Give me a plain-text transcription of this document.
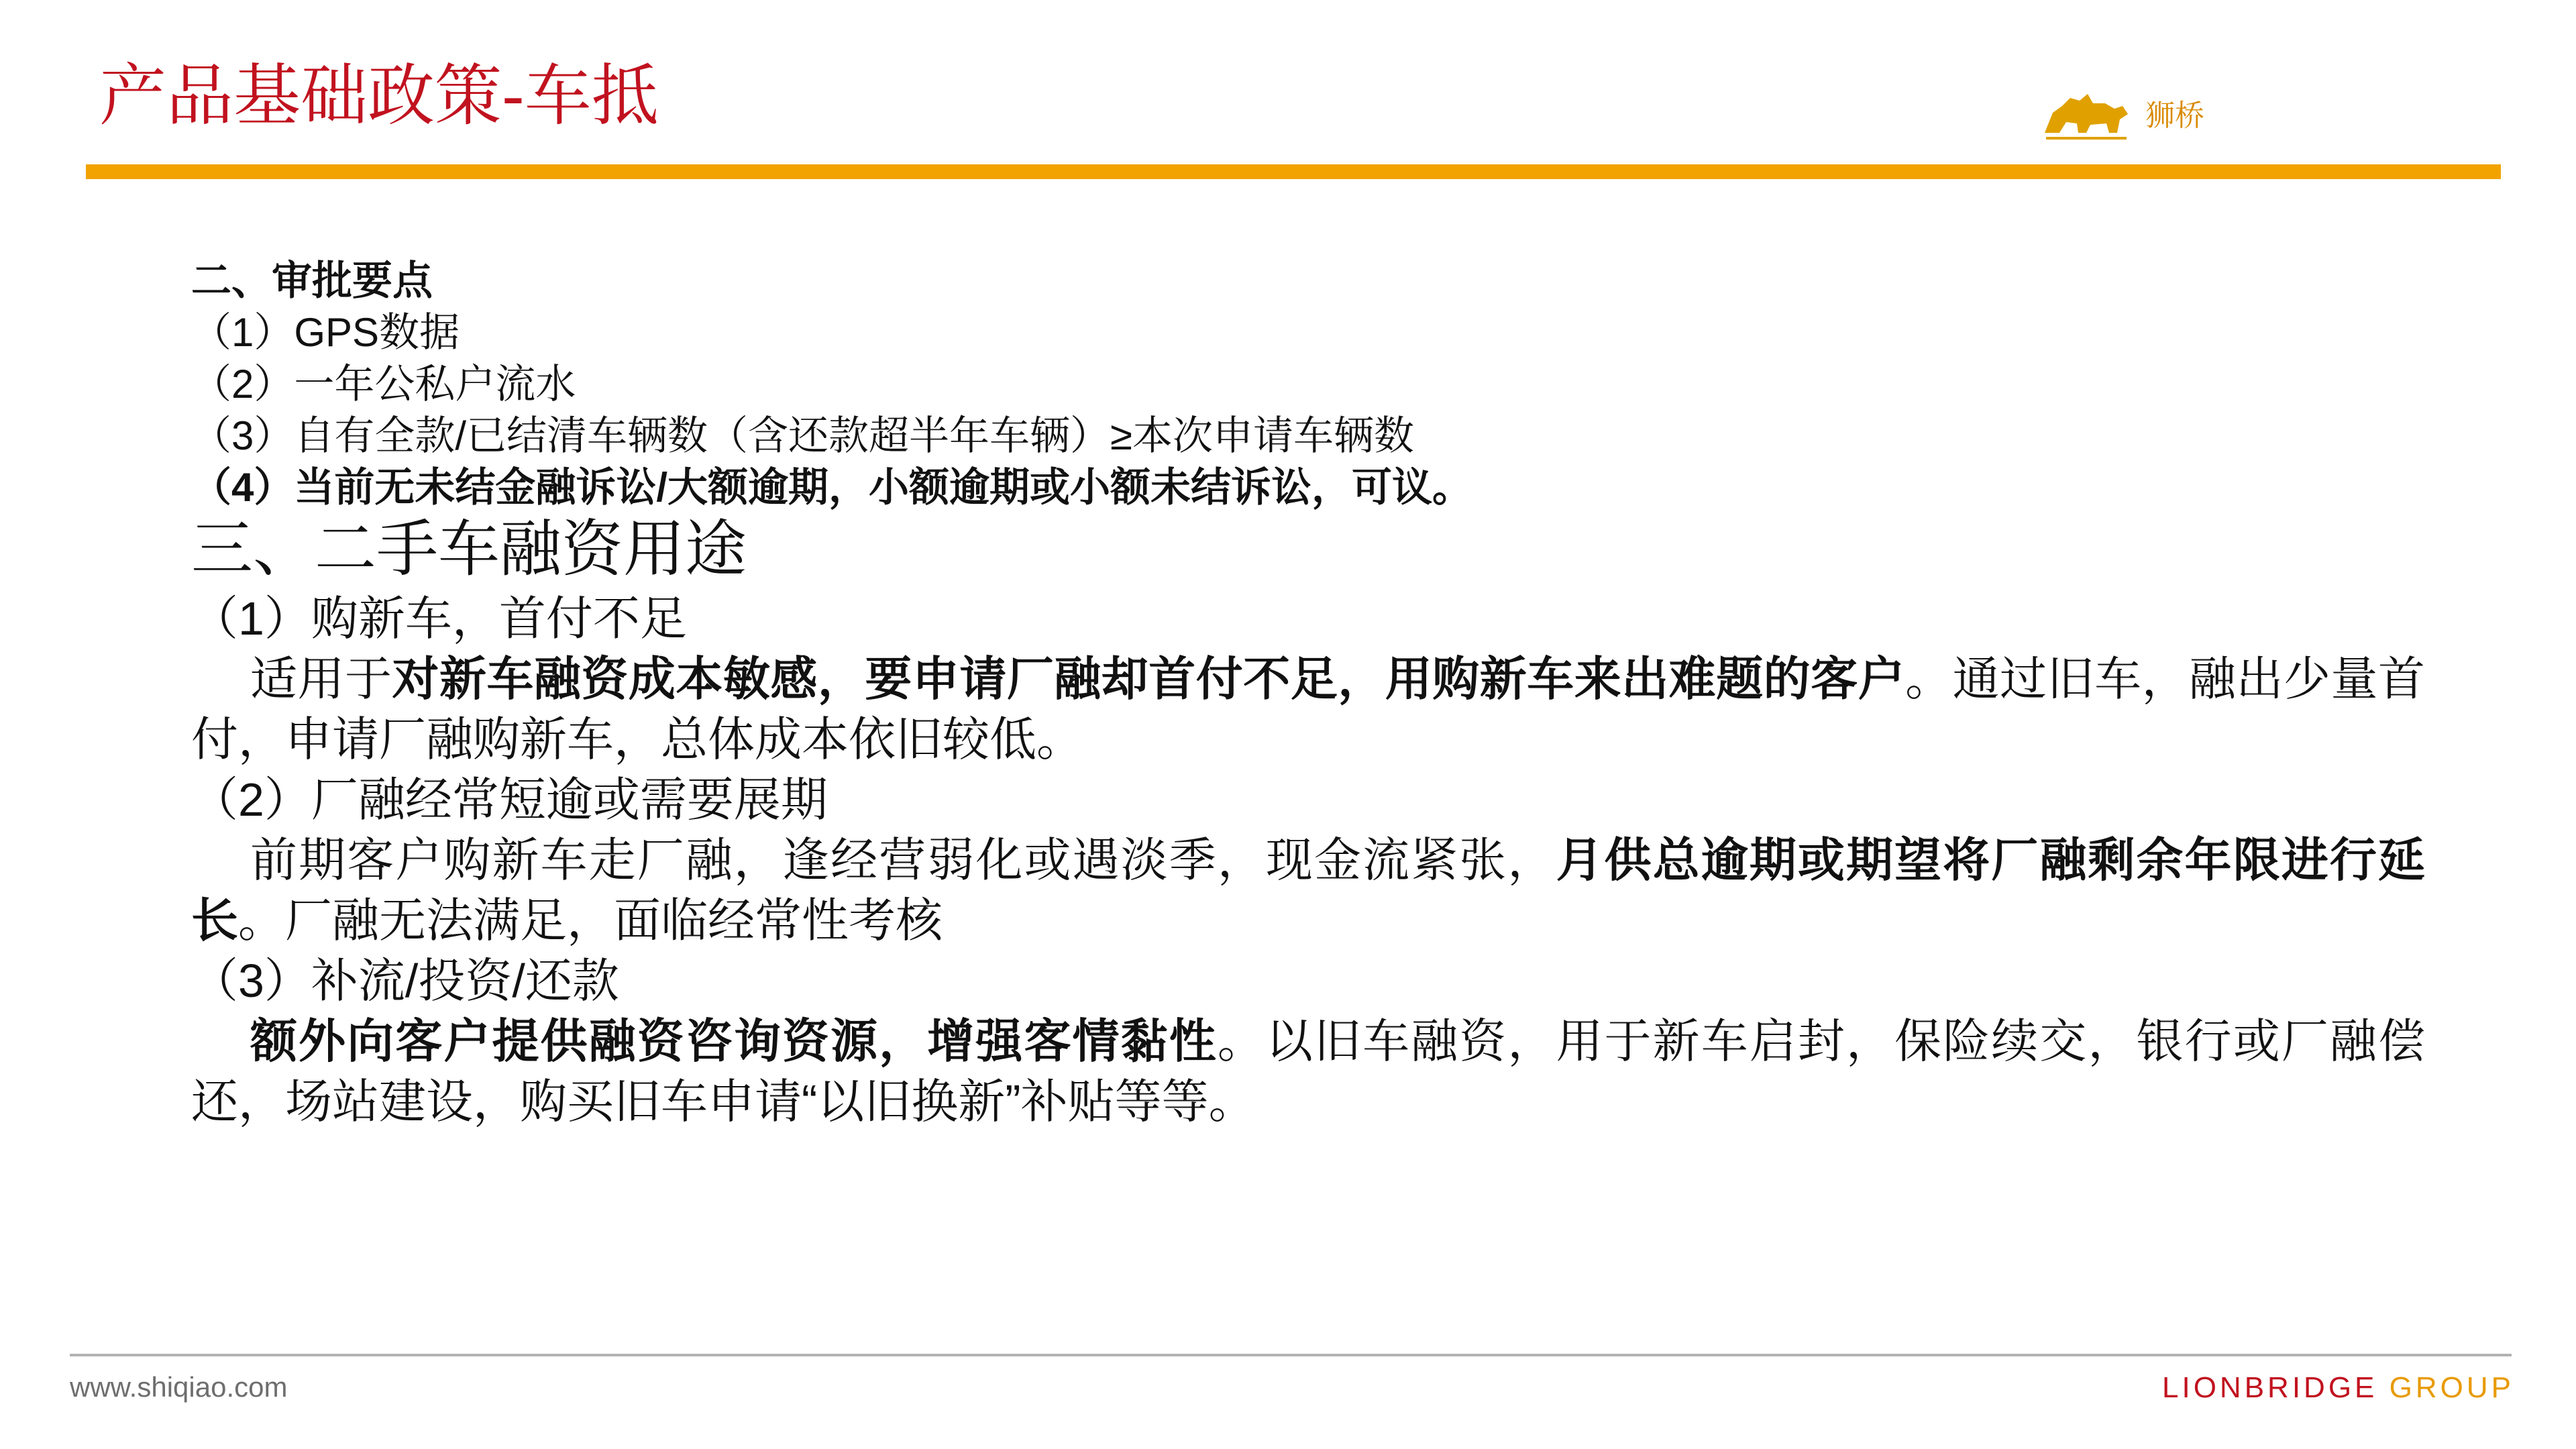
产品基础政策-车抵	狮桥
二、审批要点
（1）GPS数据
（2）一年公私户流水
（3）自有全款/已结清车辆数（含还款超半年车辆）≥本次申请车辆数
（4）当前无未结金融诉讼/大额逾期，小额逾期或小额未结诉讼，可议。
三、二手车融资用途
（1）购新车，首付不足
适用于对新车融资成本敏感，要申请厂融却首付不足，用购新车来出难题的客户。通过旧车，融出少量首付，申请厂融购新车，总体成本依旧较低。
（2）厂融经常短逾或需要展期
前期客户购新车走厂融，逢经营弱化或遇淡季，现金流紧张，月供总逾期或期望将厂融剩余年限进行延长。厂融无法满足，面临经常性考核
（3）补流/投资/还款
额外向客户提供融资咨询资源，增强客情黏性。以旧车融资，用于新车启封，保险续交，银行或厂融偿还，场站建设，购买旧车申请“以旧换新”补贴等等。
www.shiqiao.com	LIONBRIDGE GROUP
